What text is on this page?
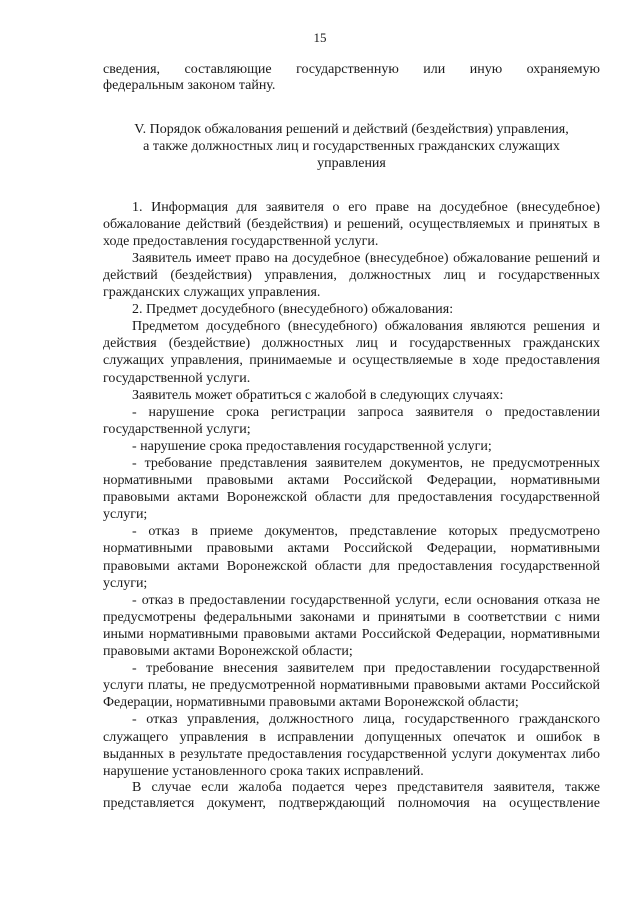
15
сведения, составляющие государственную или иную охраняемую
федеральным законом тайну.
V. Порядок обжалования решений и действий (бездействия) управления,
а также должностных лиц и государственных гражданских служащих
управления

1. Информация для заявителя о его праве на досудебное (внесудебное) обжалование действий (бездействия) и решений, осуществляемых и принятых в ходе предоставления государственной услуги.

Заявитель имеет право на досудебное (внесудебное) обжалование решений и действий (бездействия) управления, должностных лиц и государственных гражданских служащих управления.

2. Предмет досудебного (внесудебного) обжалования:

Предметом досудебного (внесудебного) обжалования являются решения и действия (бездействие) должностных лиц и государственных гражданских служащих управления, принимаемые и осуществляемые в ходе предоставления государственной услуги.

Заявитель может обратиться с жалобой в следующих случаях:

- нарушение срока регистрации запроса заявителя о предоставлении государственной услуги;

- нарушение срока предоставления государственной услуги;

- требование представления заявителем документов, не предусмотренных нормативными правовыми актами Российской Федерации, нормативными правовыми актами Воронежской области для предоставления государственной услуги;

- отказ в приеме документов, представление которых предусмотрено нормативными правовыми актами Российской Федерации, нормативными правовыми актами Воронежской области для предоставления государственной услуги;

- отказ в предоставлении государственной услуги, если основания отказа не предусмотрены федеральными законами и принятыми в соответствии с ними иными нормативными правовыми актами Российской Федерации, нормативными правовыми актами Воронежской области;

- требование внесения заявителем при предоставлении государственной услуги платы, не предусмотренной нормативными правовыми актами Российской Федерации, нормативными правовыми актами Воронежской области;

- отказ управления, должностного лица, государственного гражданского служащего управления в исправлении допущенных опечаток и ошибок в выданных в результате предоставления государственной услуги документах либо нарушение установленного срока таких исправлений.

В случае если жалоба подается через представителя заявителя, также
представляется документ, подтверждающий полномочия на осуществление
